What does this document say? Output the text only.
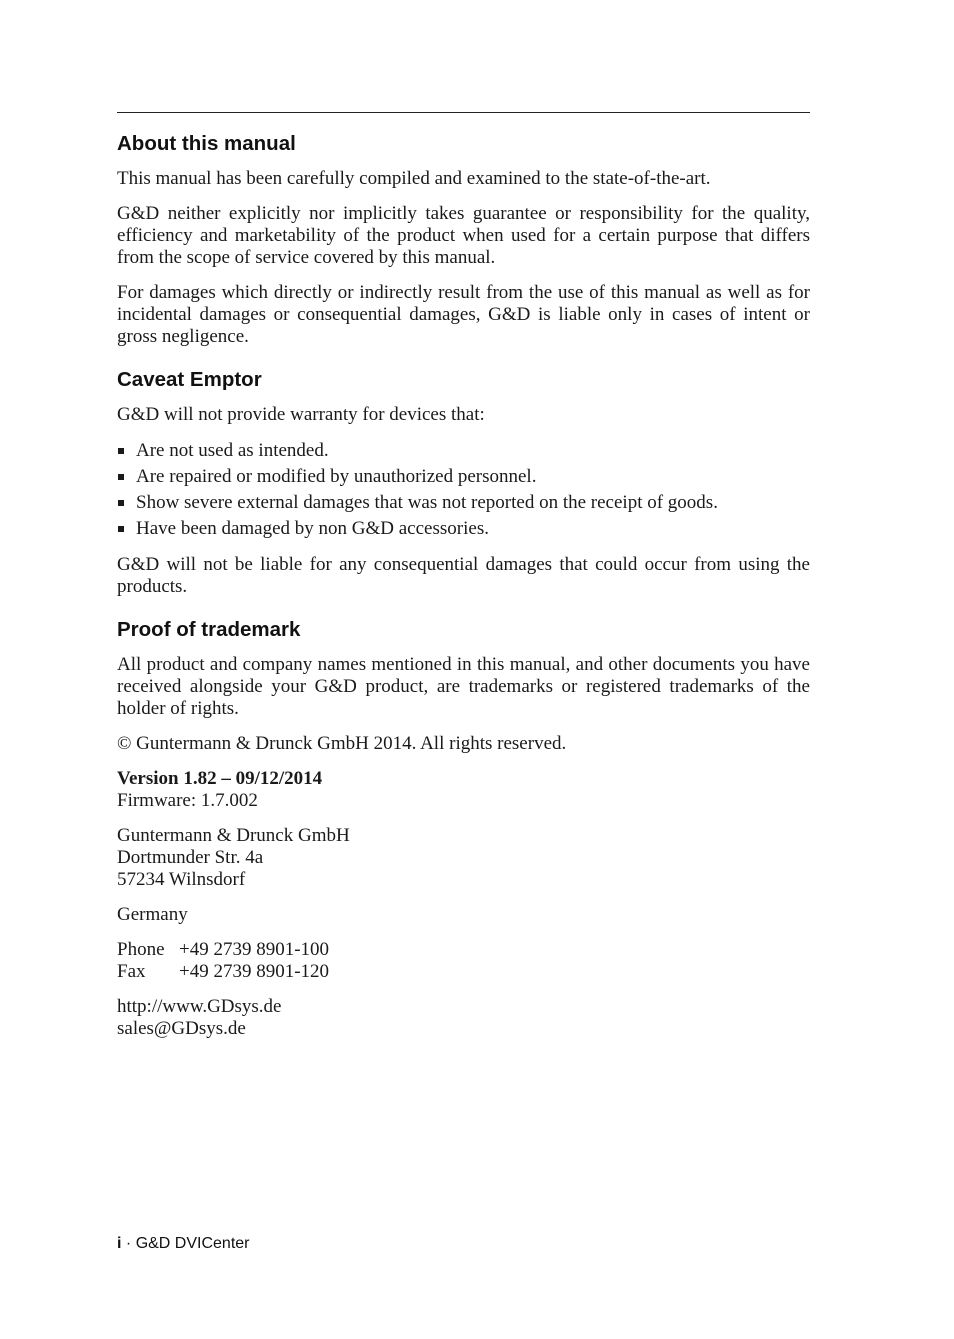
About this manual

This manual has been carefully compiled and examined to the state-of-the-art.

G&D neither explicitly nor implicitly takes guarantee or responsibility for the quality, efficiency and marketability of the product when used for a certain purpose that differs from the scope of service covered by this manual.

For damages which directly or indirectly result from the use of this manual as well as for incidental damages or consequential damages, G&D is liable only in cases of intent or gross negligence.

Caveat Emptor

G&D will not provide warranty for devices that:

Are not used as intended.
Are repaired or modified by unauthorized personnel.
Show severe external damages that was not reported on the receipt of goods.
Have been damaged by non G&D accessories.

G&D will not be liable for any consequential damages that could occur from using the products.

Proof of trademark

All product and company names mentioned in this manual, and other documents you have received alongside your G&D product, are trademarks or registered trademarks of the holder of rights.

© Guntermann & Drunck GmbH 2014. All rights reserved.

Version 1.82 – 09/12/2014
Firmware: 1.7.002
Guntermann & Drunck GmbH
Dortmunder Str. 4a
57234 Wilnsdorf
Germany
Phone +49 2739 8901-100
Fax	+49 2739 8901-120
http://www.GDsys.de
sales@GDsys.de
i · G&D DVICenter
